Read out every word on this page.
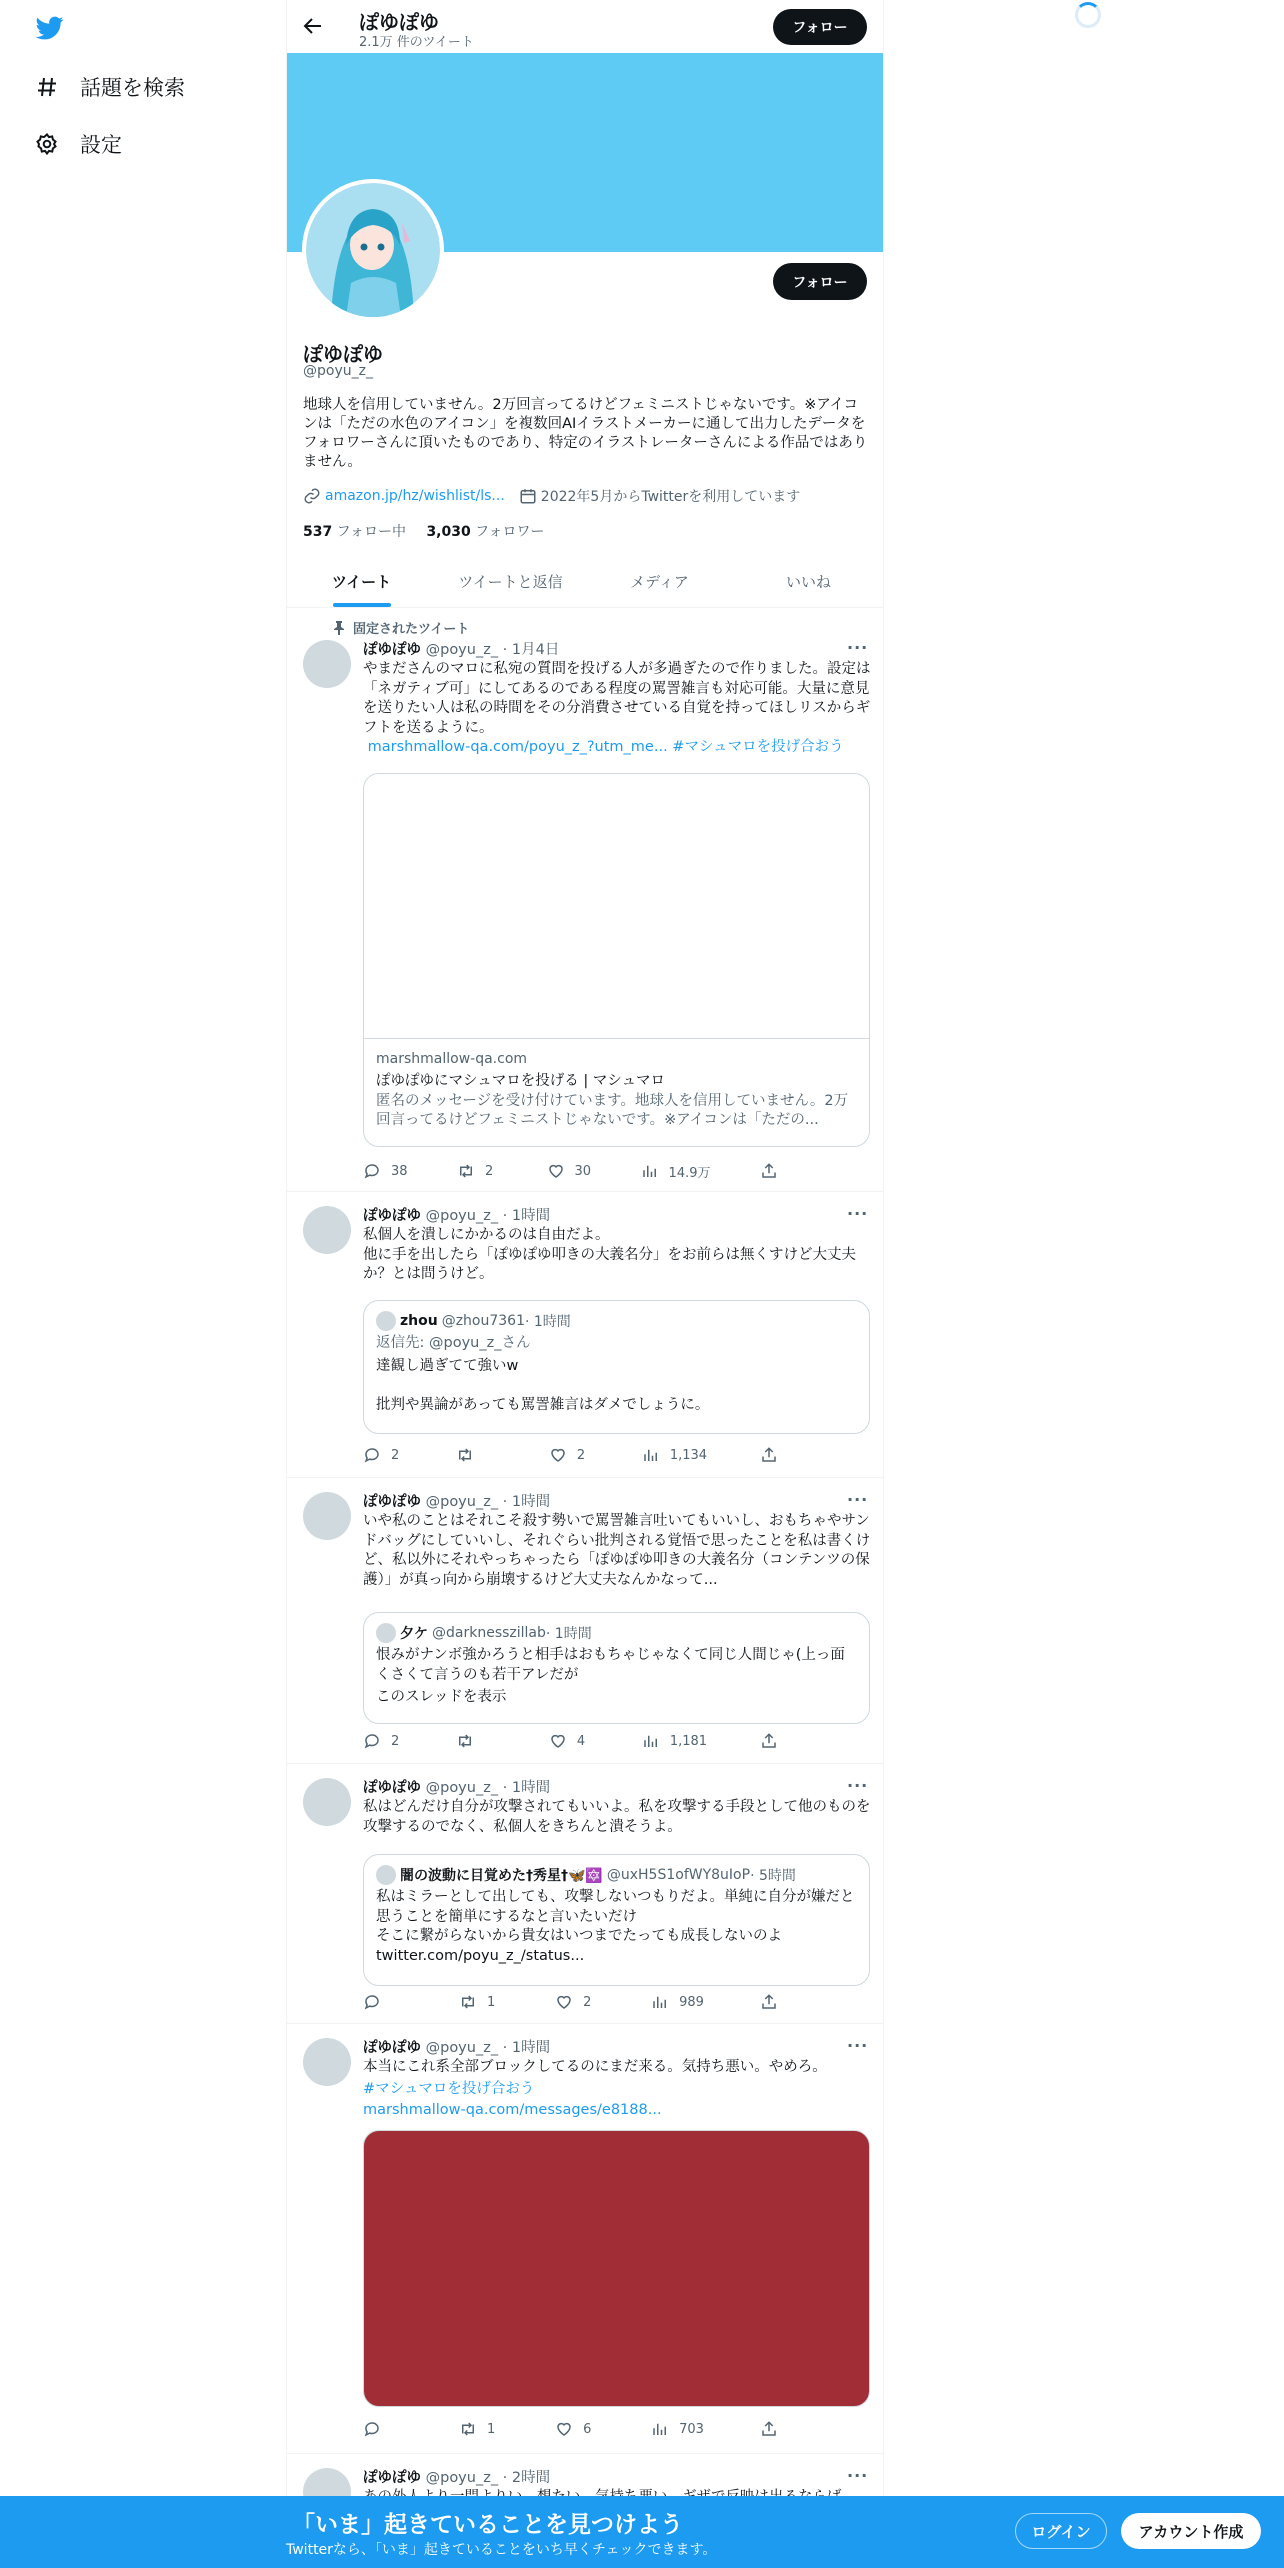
話題を検索
設定
ぽゆぽゆ
2.1万 件のツイート
フォロー
フォロー
ぽゆぽゆ
@poyu_z_
地球人を信用していません。2万回言ってるけどフェミニストじゃないです。※アイコンは「ただの水色のアイコン」を複数回AIイラストメーカーに通して出力したデータをフォロワーさんに頂いたものであり、特定のイラストレーターさんによる作品ではありません。
amazon.jp/hz/wishlist/ls...	2022年5月からTwitterを利用しています
537 フォロー中 3,030 フォロワー
ツイート	ツイートと返信	メディア	いいね
固定されたツイート
···
ぽゆぽゆ @poyu_z_ · 1月4日
やまださんのマロに私宛の質問を投げる人が多過ぎたので作りました。設定は「ネガティブ可」にしてあるのである程度の罵詈雑言も対応可能。大量に意見を送りたい人は私の時間をその分消費させている自覚を持ってほしリスからギフトを送るように。
marshmallow-qa.com/poyu_z_?utm_me... #マシュマロを投げ合おう
marshmallow-qa.com
ぽゆぽゆにマシュマロを投げる | マシュマロ
匿名のメッセージを受け付けています。地球人を信用していません。2万回言ってるけどフェミニストじゃないです。※アイコンは「ただの...
38	2	30	14.9万
···
ぽゆぽゆ @poyu_z_ · 1時間
私個人を潰しにかかるのは自由だよ。
他に手を出したら「ぽゆぽゆ叩きの大義名分」をお前らは無くすけど大丈夫か？とは問うけど。
zhou @zhou7361 · 1時間
返信先: @poyu_z_さん
達観し過ぎてて強いw

批判や異論があっても罵詈雑言はダメでしょうに。
2	2	1,134
···
ぽゆぽゆ @poyu_z_ · 1時間
いや私のことはそれこそ殺す勢いで罵詈雑言吐いてもいいし、おもちゃやサンドバッグにしていいし、それぐらい批判される覚悟で思ったことを私は書くけど、私以外にそれやっちゃったら「ぽゆぽゆ叩きの大義名分（コンテンツの保護）」が真っ向から崩壊するけど大丈夫なんかなって...
夕ケ @darknesszillab · 1時間
恨みがナンボ強かろうと相手はおもちゃじゃなくて同じ人間じゃ(上っ面くさくて言うのも若干アレだが
このスレッドを表示
2	4	1,181
···
ぽゆぽゆ @poyu_z_ · 1時間
私はどんだけ自分が攻撃されてもいいよ。私を攻撃する手段として他のものを攻撃するのでなく、私個人をきちんと潰そうよ。
闇の波動に目覚めた†秀星†🦋🔯 @uxH5S1ofWY8uIoP · 5時間
私はミラーとして出しても、攻撃しないつもりだよ。単純に自分が嫌だと思うことを簡単にするなと言いたいだけ
そこに繋がらないから貴女はいつまでたっても成長しないのよ
twitter.com/poyu_z_/status...
1	2	989
···
ぽゆぽゆ @poyu_z_ · 1時間
本当にこれ系全部ブロックしてるのにまだ来る。気持ち悪い。やめろ。
#マシュマロを投げ合おう
marshmallow-qa.com/messages/e8188...
1	6	703
···
ぽゆぽゆ @poyu_z_ · 2時間
「いま」起きていることを見つけよう
Twitterなら、「いま」起きていることをいち早くチェックできます。
ログイン	アカウント作成
